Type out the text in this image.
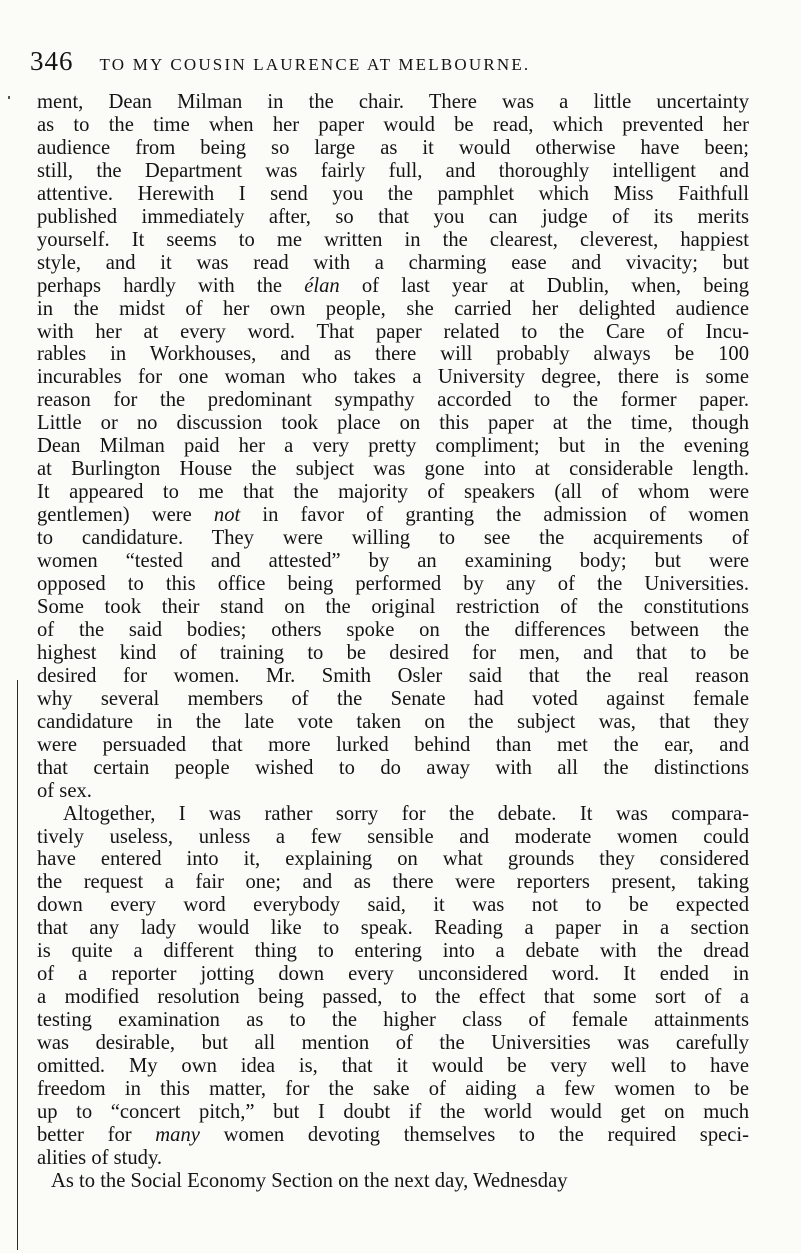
346 TO MY COUSIN LAURENCE AT MELBOURNE.
ment, Dean Milman in the chair. There was a little uncertainty
as to the time when her paper would be read, which prevented her
audience from being so large as it would otherwise have been;
still, the Department was fairly full, and thoroughly intelligent and
attentive. Herewith I send you the pamphlet which Miss Faithfull
published immediately after, so that you can judge of its merits
yourself. It seems to me written in the clearest, cleverest, happiest
style, and it was read with a charming ease and vivacity; but
perhaps hardly with the élan of last year at Dublin, when, being
in the midst of her own people, she carried her delighted audience
with her at every word. That paper related to the Care of Incu-
rables in Workhouses, and as there will probably always be 100
incurables for one woman who takes a University degree, there is some
reason for the predominant sympathy accorded to the former paper.
Little or no discussion took place on this paper at the time, though
Dean Milman paid her a very pretty compliment; but in the evening
at Burlington House the subject was gone into at considerable length.
It appeared to me that the majority of speakers (all of whom were
gentlemen) were not in favor of granting the admission of women
to candidature. They were willing to see the acquirements of
women “tested and attested” by an examining body; but were
opposed to this office being performed by any of the Universities.
Some took their stand on the original restriction of the constitutions
of the said bodies; others spoke on the differences between the
highest kind of training to be desired for men, and that to be
desired for women. Mr. Smith Osler said that the real reason
why several members of the Senate had voted against female
candidature in the late vote taken on the subject was, that they
were persuaded that more lurked behind than met the ear, and
that certain people wished to do away with all the distinctions
of sex.
Altogether, I was rather sorry for the debate. It was compara-
tively useless, unless a few sensible and moderate women could
have entered into it, explaining on what grounds they considered
the request a fair one; and as there were reporters present, taking
down every word everybody said, it was not to be expected
that any lady would like to speak. Reading a paper in a section
is quite a different thing to entering into a debate with the dread
of a reporter jotting down every unconsidered word. It ended in
a modified resolution being passed, to the effect that some sort of a
testing examination as to the higher class of female attainments
was desirable, but all mention of the Universities was carefully
omitted. My own idea is, that it would be very well to have
freedom in this matter, for the sake of aiding a few women to be
up to “concert pitch,” but I doubt if the world would get on much
better for many women devoting themselves to the required speci-
alities of study.
As to the Social Economy Section on the next day, Wednesday
